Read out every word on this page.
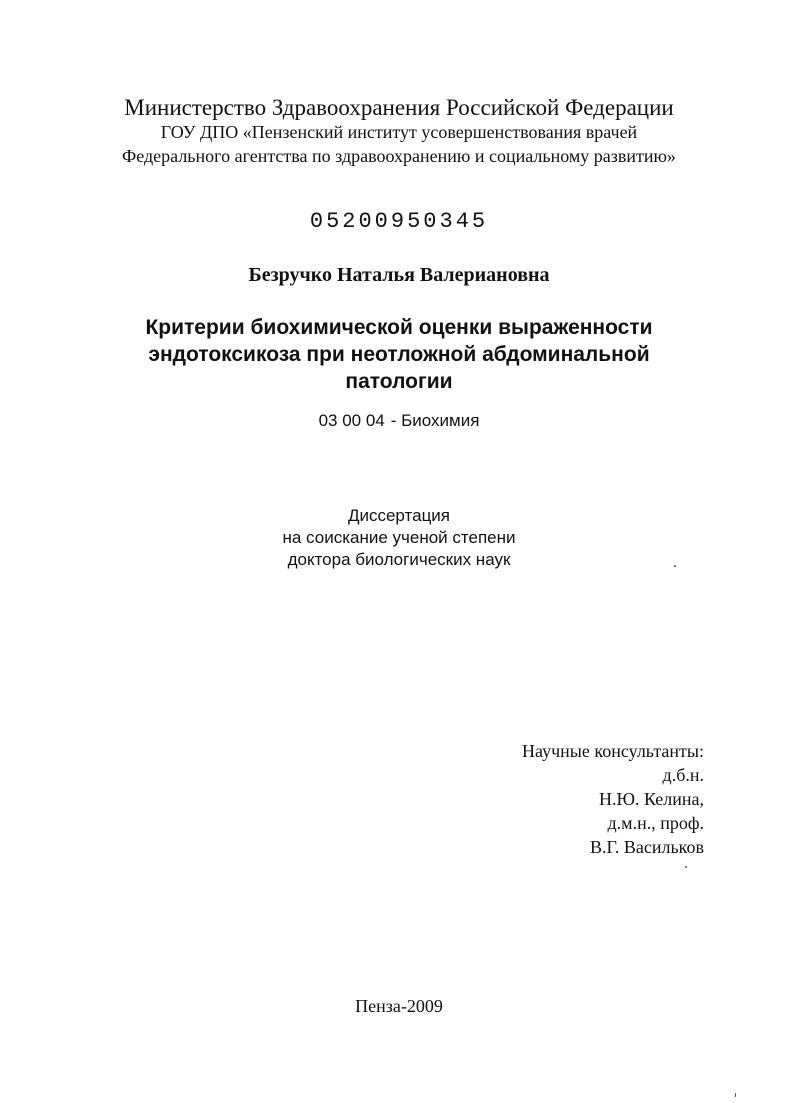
Министерство Здравоохранения Российской Федерации
ГОУ ДПО «Пензенский институт усовершенствования врачей
Федерального агентства по здравоохранению и социальному развитию»
05200950345
Безручко Наталья Валериановна
Критерии биохимической оценки выраженности
эндотоксикоза при неотложной абдоминальной
патологии
03 00 04 - Биохимия
Диссертация
на соискание ученой степени
доктора биологических наук
Научные консультанты:
д.б.н.
Н.Ю. Келина,
д.м.н., проф.
В.Г. Васильков
Пенза-2009
